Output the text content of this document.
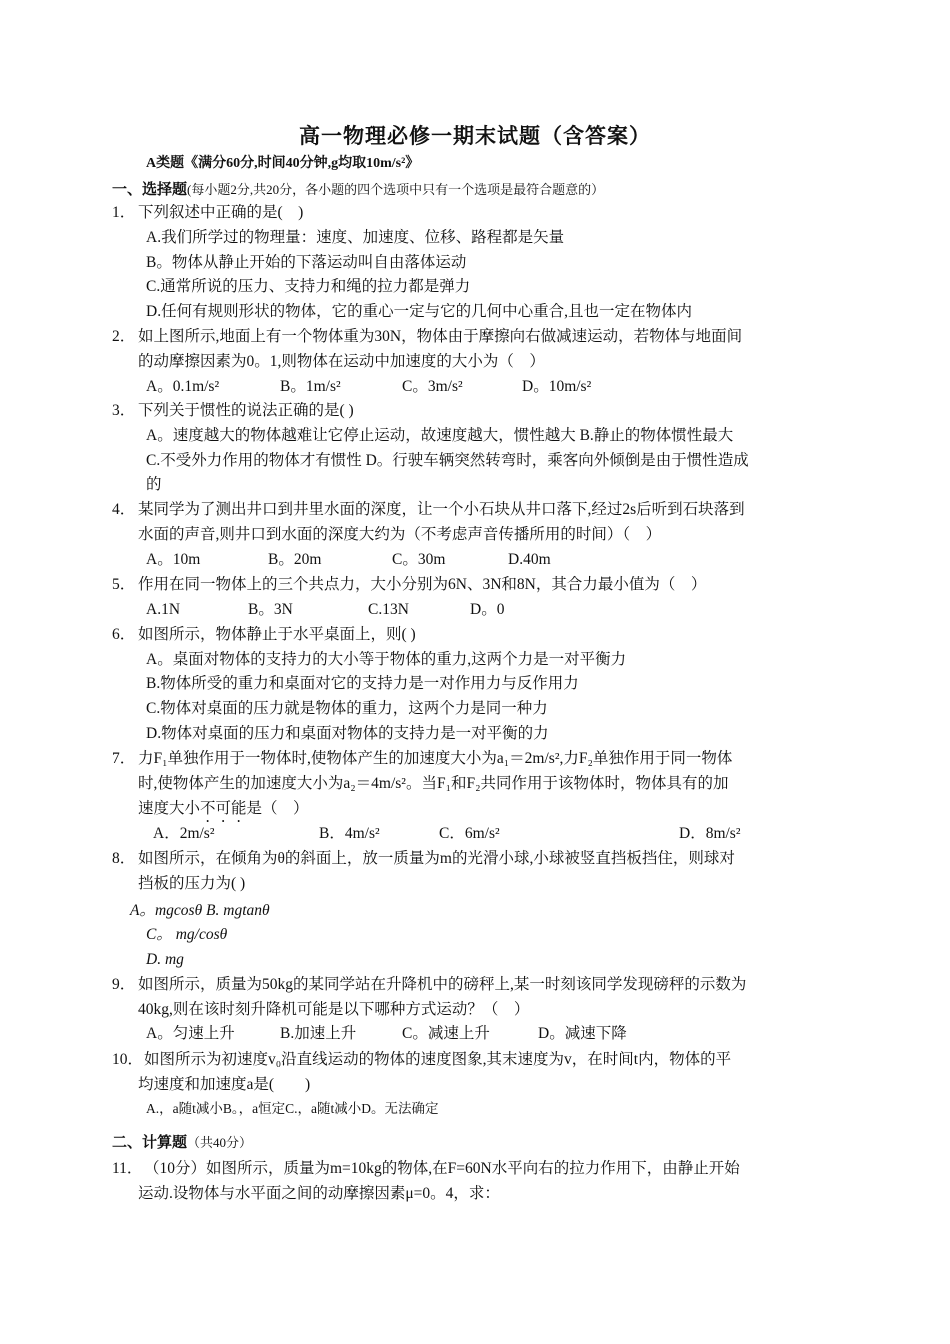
高一物理必修一期末试题（含答案）
A类题《满分60分,时间40分钟,g均取10m/s²》
一、选择题(每小题2分,共20分，各小题的四个选项中只有一个选项是最符合题意的）
1． 下列叙述中正确的是(　)
A.我们所学过的物理量：速度、加速度、位移、路程都是矢量
B。物体从静止开始的下落运动叫自由落体运动
C.通常所说的压力、支持力和绳的拉力都是弹力
D.任何有规则形状的物体，它的重心一定与它的几何中心重合,且也一定在物体内
2． 如上图所示,地面上有一个物体重为30N，物体由于摩擦向右做减速运动，若物体与地面间
的动摩擦因素为0。1,则物体在运动中加速度的大小为（　）
A。0.1m/s²	B。1m/s²	C。3m/s²	D。10m/s²
3． 下列关于惯性的说法正确的是( )
A。速度越大的物体越难让它停止运动，故速度越大，惯性越大 B.静止的物体惯性最大
C.不受外力作用的物体才有惯性 D。行驶车辆突然转弯时，乘客向外倾倒是由于惯性造成
的
4． 某同学为了测出井口到井里水面的深度，让一个小石块从井口落下,经过2s后听到石块落到
水面的声音,则井口到水面的深度大约为（不考虑声音传播所用的时间）（　）
A。10m	B。20m	C。30m	D.40m
5． 作用在同一物体上的三个共点力，大小分别为6N、3N和8N，其合力最小值为（　）
A.1N	B。3N	C.13N	D。0
6． 如图所示，物体静止于水平桌面上，则( )
A。桌面对物体的支持力的大小等于物体的重力,这两个力是一对平衡力
B.物体所受的重力和桌面对它的支持力是一对作用力与反作用力
C.物体对桌面的压力就是物体的重力，这两个力是同一种力
D.物体对桌面的压力和桌面对物体的支持力是一对平衡的力
7． 力F₁单独作用于一物体时,使物体产生的加速度大小为a₁＝2m/s²,力F₂单独作用于同一物体
时,使物体产生的加速度大小为a₂＝4m/s²。当F₁和F₂共同作用于该物体时，物体具有的加
速度大小不可能是（　）
A．2m/s²	B．4m/s²	C．6m/s²	D．8m/s²
8． 如图所示，在倾角为θ的斜面上，放一质量为m的光滑小球,小球被竖直挡板挡住，则球对
挡板的压力为( )
A。mgcosθ B. mgtanθ
C。 mg/cosθ
D. mg
9． 如图所示，质量为50kg的某同学站在升降机中的磅秤上,某一时刻该同学发现磅秤的示数为
40kg,则在该时刻升降机可能是以下哪种方式运动？（　）
A。匀速上升	B.加速上升	C。减速上升	D。减速下降
10． 如图所示为初速度v₀沿直线运动的物体的速度图象,其末速度为v，在时间t内，物体的平
均速度和加速度a是(　　)
A.，a随t减小B。，a恒定C.，a随t减小D。无法确定
二、计算题（共40分）
11． （10分）如图所示，质量为m=10kg的物体,在F=60N水平向右的拉力作用下，由静止开始
运动.设物体与水平面之间的动摩擦因素μ=0。4，求：
